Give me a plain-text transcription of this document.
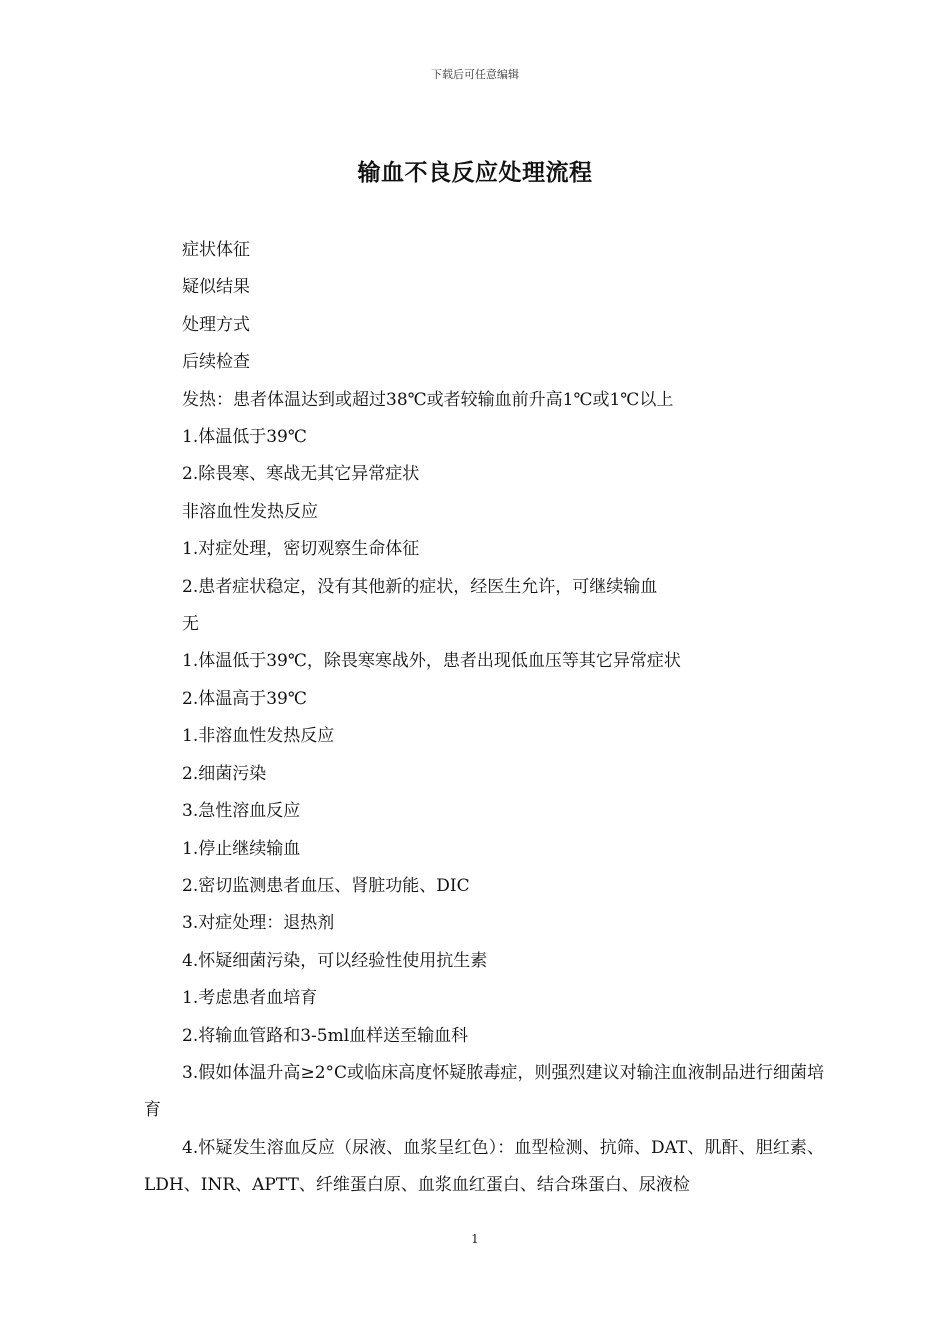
下载后可任意编辑
输血不良反应处理流程

症状体征

疑似结果

处理方式

后续检查

发热：患者体温达到或超过38℃或者较输血前升高1℃或1℃以上

1.体温低于39℃

2.除畏寒、寒战无其它异常症状

非溶血性发热反应

1.对症处理，密切观察生命体征

2.患者症状稳定，没有其他新的症状，经医生允许，可继续输血

无

1.体温低于39℃，除畏寒寒战外，患者出现低血压等其它异常症状

2.体温高于39℃

1.非溶血性发热反应

2.细菌污染

3.急性溶血反应

1.停止继续输血

2.密切监测患者血压、肾脏功能、DIC

3.对症处理：退热剂

4.怀疑细菌污染，可以经验性使用抗生素

1.考虑患者血培育

2.将输血管路和3-5ml血样送至输血科

3.假如体温升高≥2°C或临床高度怀疑脓毒症，则强烈建议对输注血液制品进行细菌培育

4.怀疑发生溶血反应（尿液、血浆呈红色）：血型检测、抗筛、DAT、肌酐、胆红素、LDH、INR、APTT、纤维蛋白原、血浆血红蛋白、结合珠蛋白、尿液检

1
